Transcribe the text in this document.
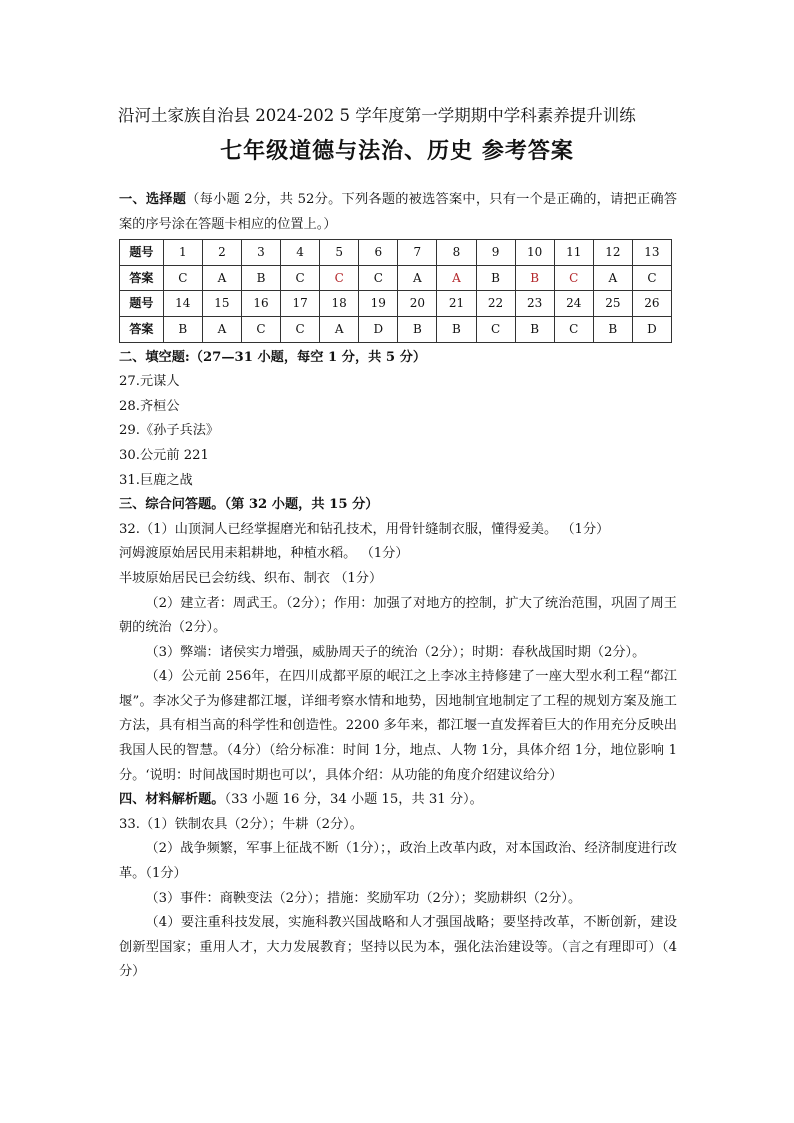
沿河土家族自治县 2024-202 5 学年度第一学期期中学科素养提升训练
七年级道德与法治、历史 参考答案

一、选择题（每小题 2分，共 52分。下列各题的被选答案中，只有一个是正确的，请把正确答案的序号涂在答题卡相应的位置上。）

题号	1	2	3	4	5	6	7	8	9	10	11	12	13
答案	C	A	B	C	C	C	A	A	B	B	C	A	C
题号	14	15	16	17	18	19	20	21	22	23	24	25	26
答案	B	A	C	C	A	D	B	B	C	B	C	B	D

二、填空题:（27—31 小题，每空 1 分，共 5 分）

27.元谋人

28.齐桓公

29.《孙子兵法》

30.公元前 221

31.巨鹿之战

三、综合问答题。（第 32 小题，共 15 分）

32.（1）山顶洞人已经掌握磨光和钻孔技术，用骨针缝制衣服，懂得爱美。 （1分）

河姆渡原始居民用耒耜耕地，种植水稻。 （1分）

半坡原始居民已会纺线、织布、制衣 （1分）

（2）建立者：周武王。（2分）；作用：加强了对地方的控制，扩大了统治范围，巩固了周王朝的统治（2分）。

（3）弊端：诸侯实力增强，威胁周天子的统治（2分）；时期：春秋战国时期（2分）。

（4）公元前 256年，在四川成都平原的岷江之上李冰主持修建了一座大型水利工程“都江堰”。李冰父子为修建都江堰，详细考察水情和地势，因地制宜地制定了工程的规划方案及施工方法，具有相当高的科学性和创造性。2200 多年来，都江堰一直发挥着巨大的作用充分反映出我国人民的智慧。（4分）（给分标准：时间 1分，地点、人物 1分，具体介绍 1分，地位影响 1分。‘说明：时间战国时期也可以’，具体介绍：从功能的角度介绍建议给分）

四、材料解析题。（33 小题 16 分，34 小题 15，共 31 分）。

33.（1）铁制农具（2分）；牛耕（2分）。

（2）战争频繁，军事上征战不断（1分）；，政治上改革内政，对本国政治、经济制度进行改革。（1分）

（3）事件：商鞅变法（2分）；措施：奖励军功（2分）；奖励耕织（2分）。

（4）要注重科技发展，实施科教兴国战略和人才强国战略；要坚持改革，不断创新，建设创新型国家；重用人才，大力发展教育；坚持以民为本，强化法治建设等。（言之有理即可）（4分）
